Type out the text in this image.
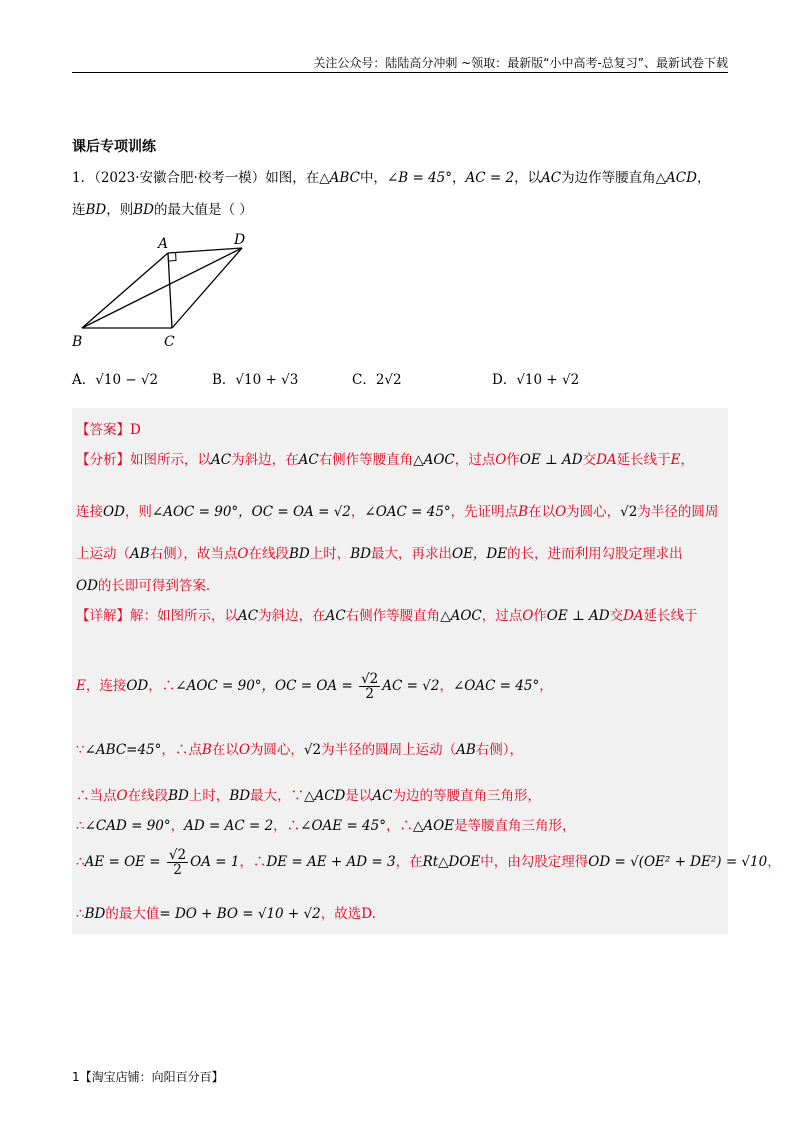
关注公众号：陆陆高分冲刺 ~领取：最新版“小中高考-总复习”、最新试卷下载
课后专项训练
1．（2023·安徽合肥·校考一模）如图，在△ABC中，∠B = 45°，AC = 2，以AC为边作等腰直角△ACD，
连BD，则BD的最大值是（ ）
A	D
B	C
A．√10 − √2	B．√10 + √3	C．2√2	D．√10 + √2
【答案】D
【分析】如图所示，以AC为斜边，在AC右侧作等腰直角△AOC，过点O作OE ⊥ AD交DA延长线于E，
连接OD，则∠AOC = 90°，OC = OA = √2，∠OAC = 45°，先证明点B在以O为圆心，√2为半径的圆周
上运动（AB右侧），故当点O在线段BD上时，BD最大，再求出OE，DE的长，进而利用勾股定理求出
OD的长即可得到答案.
【详解】解：如图所示，以AC为斜边，在AC右侧作等腰直角△AOC，过点O作OE ⊥ AD交DA延长线于
E，连接OD，∴∠AOC = 90°，OC = OA = $\frac{√2}{2}$ AC = √2，∠OAC = 45°，
∵∠ABC=45°，∴点B在以O为圆心，√2为半径的圆周上运动（AB右侧），
∴当点O在线段BD上时，BD最大，∵△ACD是以AC为边的等腰直角三角形，
∴∠CAD = 90°，AD = AC = 2，∴∠OAE = 45°，∴△AOE是等腰直角三角形，
∴AE = OE = $\frac{√2}{2}$ OA = 1，∴DE = AE + AD = 3，在Rt△DOE中，由勾股定理得OD = √(OE² + DE²) = √10，
∴BD的最大值= DO + BO = √10 + √2，故选D.
1【淘宝店铺：向阳百分百】
